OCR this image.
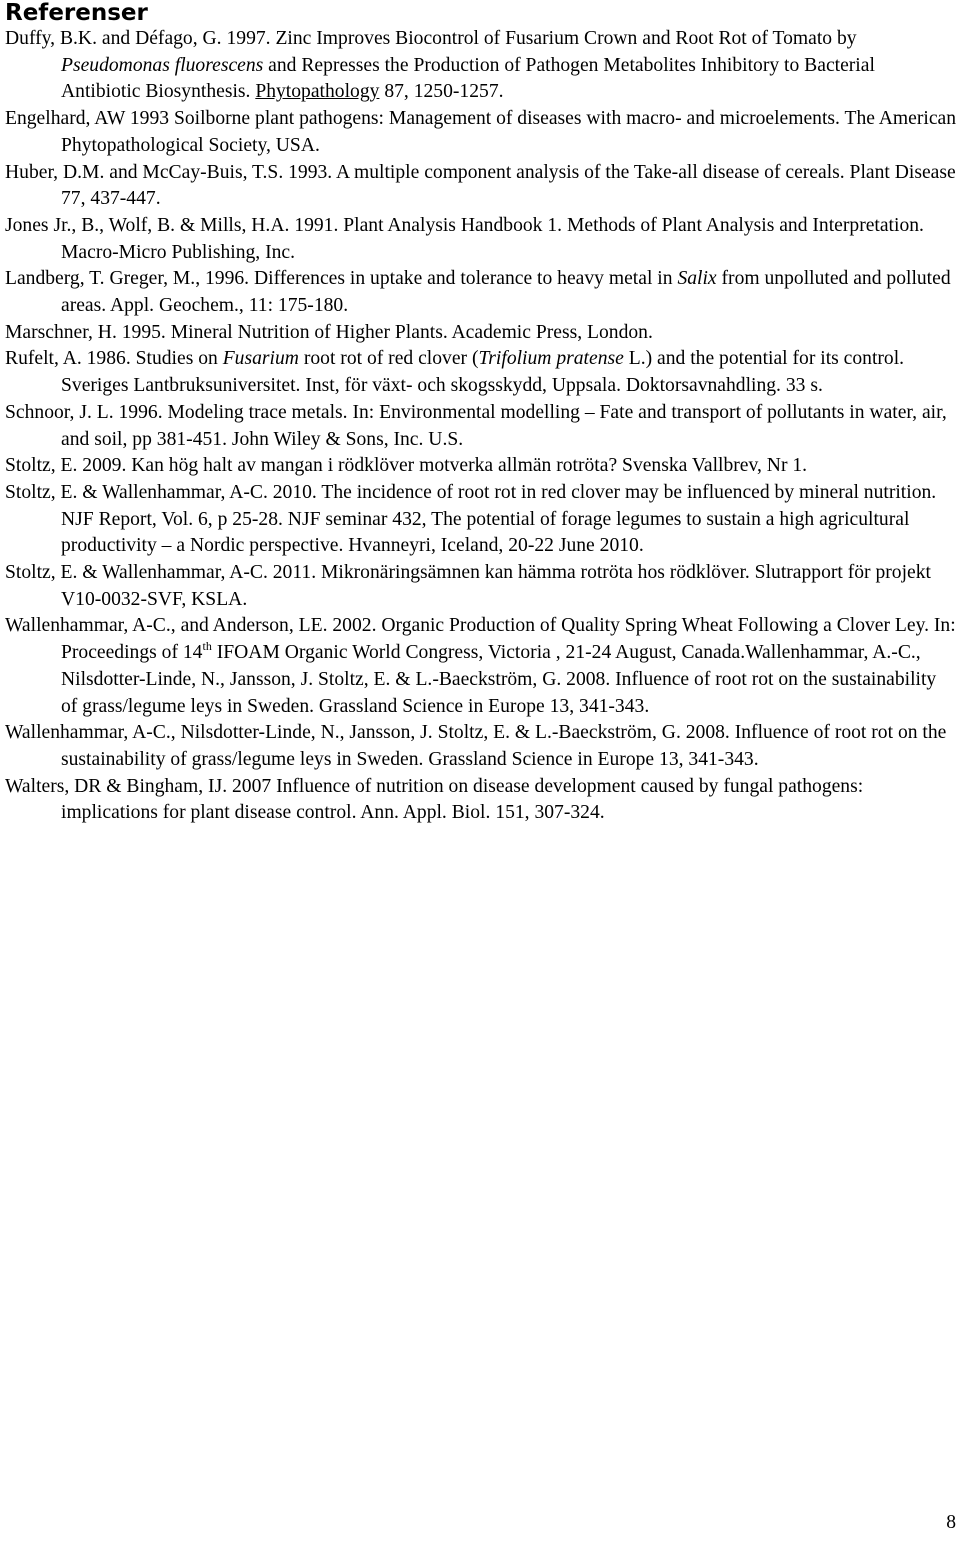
Referenser

Duffy, B.K. and Défago, G. 1997. Zinc Improves Biocontrol of Fusarium Crown and Root Rot of Tomato by Pseudomonas fluorescens and Represses the Production of Pathogen Metabolites Inhibitory to Bacterial Antibiotic Biosynthesis. Phytopathology 87, 1250-1257.

Engelhard, AW 1993 Soilborne plant pathogens: Management of diseases with macro- and microelements. The American Phytopathological Society, USA.

Huber, D.M. and McCay-Buis, T.S. 1993. A multiple component analysis of the Take-all disease of cereals. Plant Disease 77, 437-447.

Jones Jr., B., Wolf, B. & Mills, H.A. 1991. Plant Analysis Handbook 1. Methods of Plant Analysis and Interpretation. Macro-Micro Publishing, Inc.

Landberg, T. Greger, M., 1996. Differences in uptake and tolerance to heavy metal in Salix from unpolluted and polluted areas. Appl. Geochem., 11: 175-180.

Marschner, H. 1995. Mineral Nutrition of Higher Plants. Academic Press, London.

Rufelt, A. 1986. Studies on Fusarium root rot of red clover (Trifolium pratense L.) and the potential for its control. Sveriges Lantbruksuniversitet. Inst, för växt- och skogsskydd, Uppsala. Doktorsavnahdling. 33 s.

Schnoor, J. L. 1996. Modeling trace metals. In: Environmental modelling – Fate and transport of pollutants in water, air, and soil, pp 381-451. John Wiley & Sons, Inc. U.S.

Stoltz, E. 2009. Kan hög halt av mangan i rödklöver motverka allmän rotröta? Svenska Vallbrev, Nr 1.

Stoltz, E. & Wallenhammar, A-C. 2010. The incidence of root rot in red clover may be influenced by mineral nutrition. NJF Report, Vol. 6, p 25-28. NJF seminar 432, The potential of forage legumes to sustain a high agricultural productivity – a Nordic perspective. Hvanneyri, Iceland, 20-22 June 2010.

Stoltz, E. & Wallenhammar, A-C. 2011. Mikronäringsämnen kan hämma rotröta hos rödklöver. Slutrapport för projekt V10-0032-SVF, KSLA.

Wallenhammar, A-C., and Anderson, LE. 2002. Organic Production of Quality Spring Wheat Following a Clover Ley. In: Proceedings of 14th IFOAM Organic World Congress, Victoria , 21-24 August, Canada.Wallenhammar, A.-C., Nilsdotter-Linde, N., Jansson, J. Stoltz, E. & L.-Baeckström, G. 2008. Influence of root rot on the sustainability of grass/legume leys in Sweden. Grassland Science in Europe 13, 341-343.

Wallenhammar, A-C., Nilsdotter-Linde, N., Jansson, J. Stoltz, E. & L.-Baeckström, G. 2008. Influence of root rot on the sustainability of grass/legume leys in Sweden. Grassland Science in Europe 13, 341-343.

Walters, DR & Bingham, IJ. 2007 Influence of nutrition on disease development caused by fungal pathogens: implications for plant disease control. Ann. Appl. Biol. 151, 307-324.

8
